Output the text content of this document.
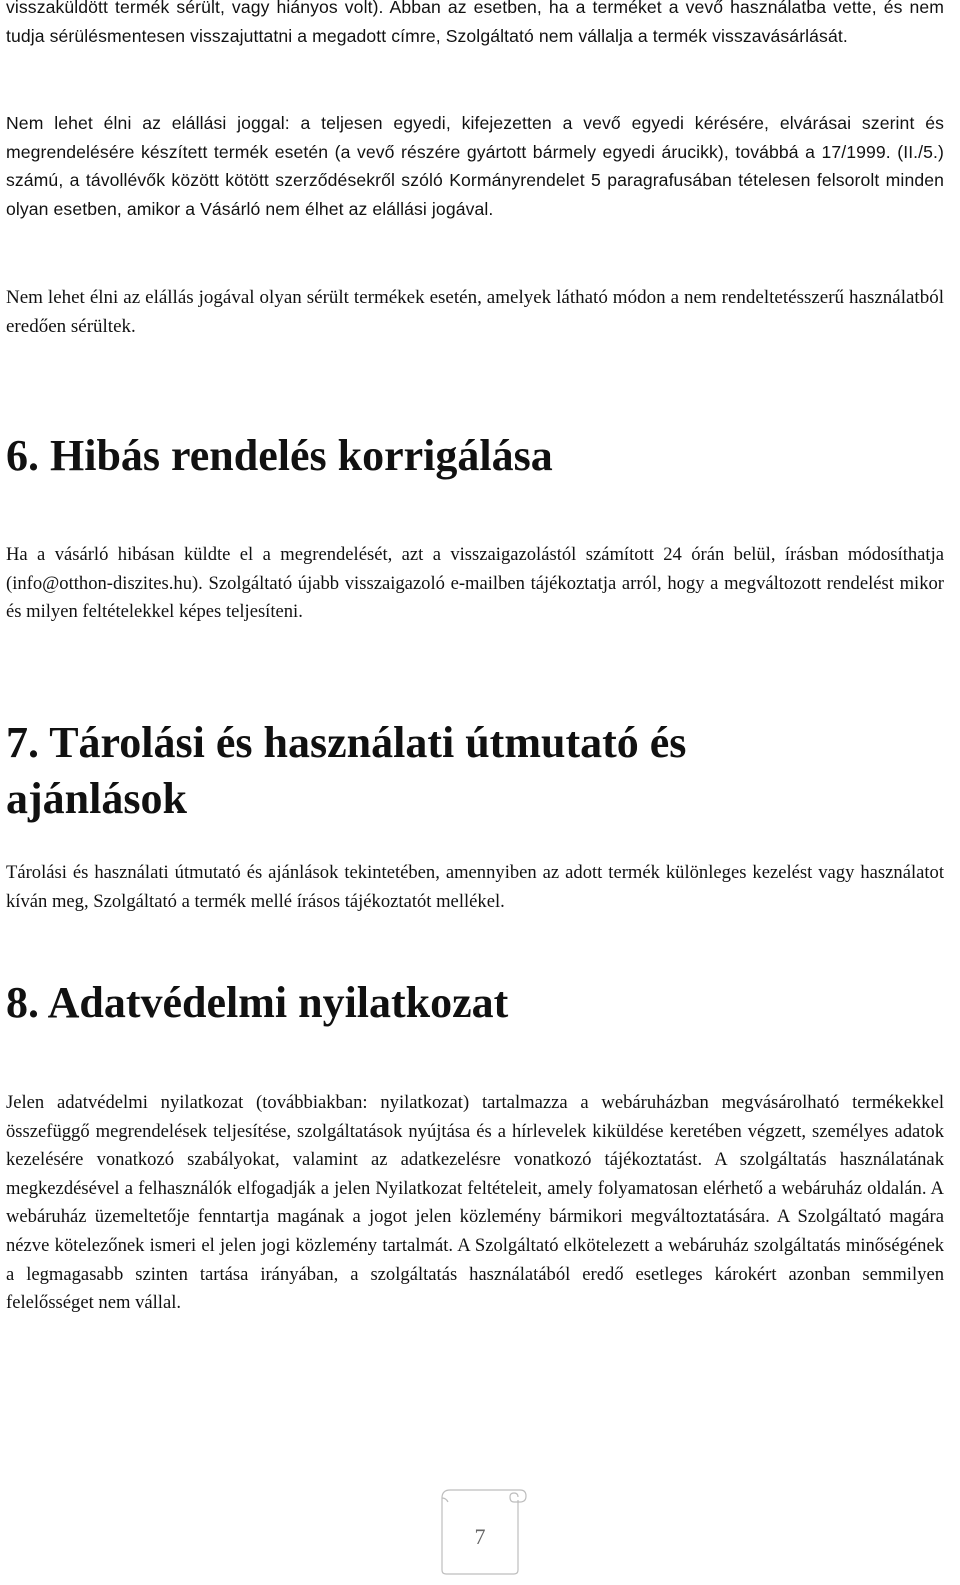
visszaküldött termék sérült, vagy hiányos volt). Abban az esetben, ha a terméket a vevő használatba vette, és nem tudja sérülésmentesen visszajuttatni a megadott címre, Szolgáltató nem vállalja a termék visszavásárlását.

Nem lehet élni az elállási joggal: a teljesen egyedi, kifejezetten a vevő egyedi kérésére, elvárásai szerint és megrendelésére készített termék esetén (a vevő részére gyártott bármely egyedi árucikk), továbbá a 17/1999. (II./5.) számú, a távollévők között kötött szerződésekről szóló Kormányrendelet 5 paragrafusában tételesen felsorolt minden olyan esetben, amikor a Vásárló nem élhet az elállási jogával.

Nem lehet élni az elállás jogával olyan sérült termékek esetén, amelyek látható módon a nem rendeltetésszerű használatból eredően sérültek.

6. Hibás rendelés korrigálása

Ha a vásárló hibásan küldte el a megrendelését, azt a visszaigazolástól számított 24 órán belül, írásban módosíthatja (info@otthon-diszites.hu). Szolgáltató újabb visszaigazoló e-mailben tájékoztatja arról, hogy a megváltozott rendelést mikor és milyen feltételekkel képes teljesíteni.

7. Tárolási és használati útmutató és ajánlások

Tárolási és használati útmutató és ajánlások tekintetében, amennyiben az adott termék különleges kezelést vagy használatot kíván meg, Szolgáltató a termék mellé írásos tájékoztatót mellékel.

8. Adatvédelmi nyilatkozat

Jelen adatvédelmi nyilatkozat (továbbiakban: nyilatkozat) tartalmazza a webáruházban megvásárolható termékekkel összefüggő megrendelések teljesítése, szolgáltatások nyújtása és a hírlevelek kiküldése keretében végzett, személyes adatok kezelésére vonatkozó szabályokat, valamint az adatkezelésre vonatkozó tájékoztatást. A szolgáltatás használatának megkezdésével a felhasználók elfogadják a jelen Nyilatkozat feltételeit, amely folyamatosan elérhető a webáruház oldalán. A webáruház üzemeltetője fenntartja magának a jogot jelen közlemény bármikori megváltoztatására. A Szolgáltató magára nézve kötelezőnek ismeri el jelen jogi közlemény tartalmát. A Szolgáltató elkötelezett a webáruház szolgáltatás minőségének a legmagasabb szinten tartása irányában, a szolgáltatás használatából eredő esetleges károkért azonban semmilyen felelősséget nem vállal.

7
